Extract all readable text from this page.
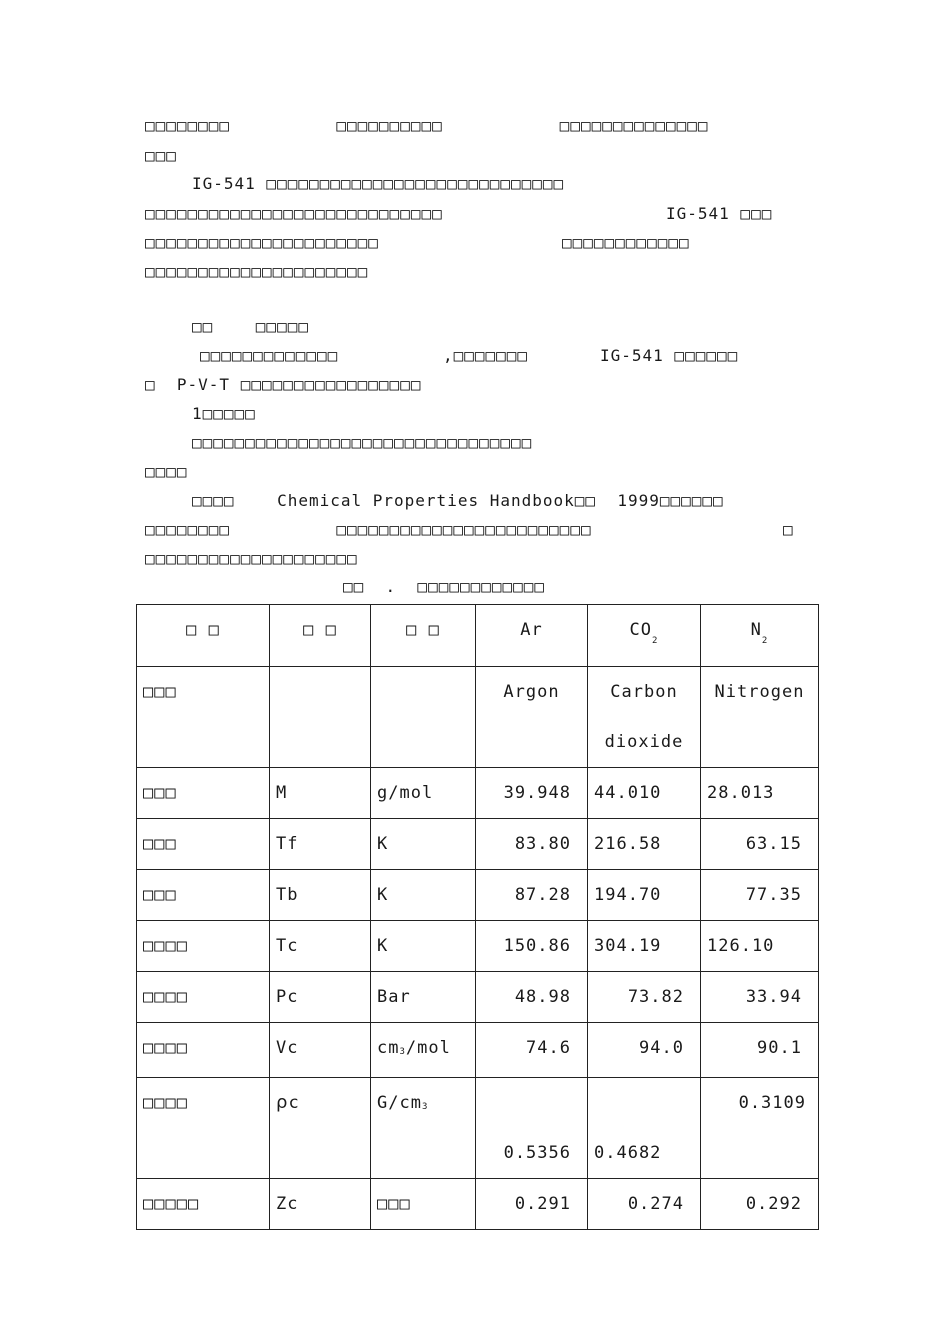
□□□□□□□□          □□□□□□□□□□           □□□□□□□□□□□□□□
□□□
IG-541 □□□□□□□□□□□□□□□□□□□□□□□□□□□□
□□□□□□□□□□□□□□□□□□□□□□□□□□□□	IG-541 □□□
□□□□□□□□□□□□□□□□□□□□□□	□□□□□□□□□□□□
□□□□□□□□□□□□□□□□□□□□□
□□    □□□□□
□□□□□□□□□□□□□	,□□□□□□□	IG-541 □□□□□□
□  P-V-T □□□□□□□□□□□□□□□□□
1□□□□□
□□□□□□□□□□□□□□□□□□□□□□□□□□□□□□□□
□□□□
□□□□    Chemical Properties Handbook□□  1999□□□□□□
□□□□□□□□          □□□□□□□□□□□□□□□□□□□□□□□□	□
□□□□□□□□□□□□□□□□□□□□
□□  .  □□□□□□□□□□□□
□ □	□ □	□ □	Ar	$CO_2$	$N_2$
□□□			Argon	Carbon
dioxide	Nitrogen
□□□	M	g/mol	39.948	44.010	28.013
□□□	Tf	K	83.80	216.58	63.15
□□□	Tb	K	87.28	194.70	77.35
□□□□	Tc	K	150.86	304.19	126.10
□□□□	Pc	Bar	48.98	73.82	33.94
□□□□	Vc	cm3/mol	74.6	94.0	90.1
□□□□	ρc	G/cm3	0.5356	0.4682	0.3109
□□□□□	Zc	□□□	0.291	0.274	0.292
